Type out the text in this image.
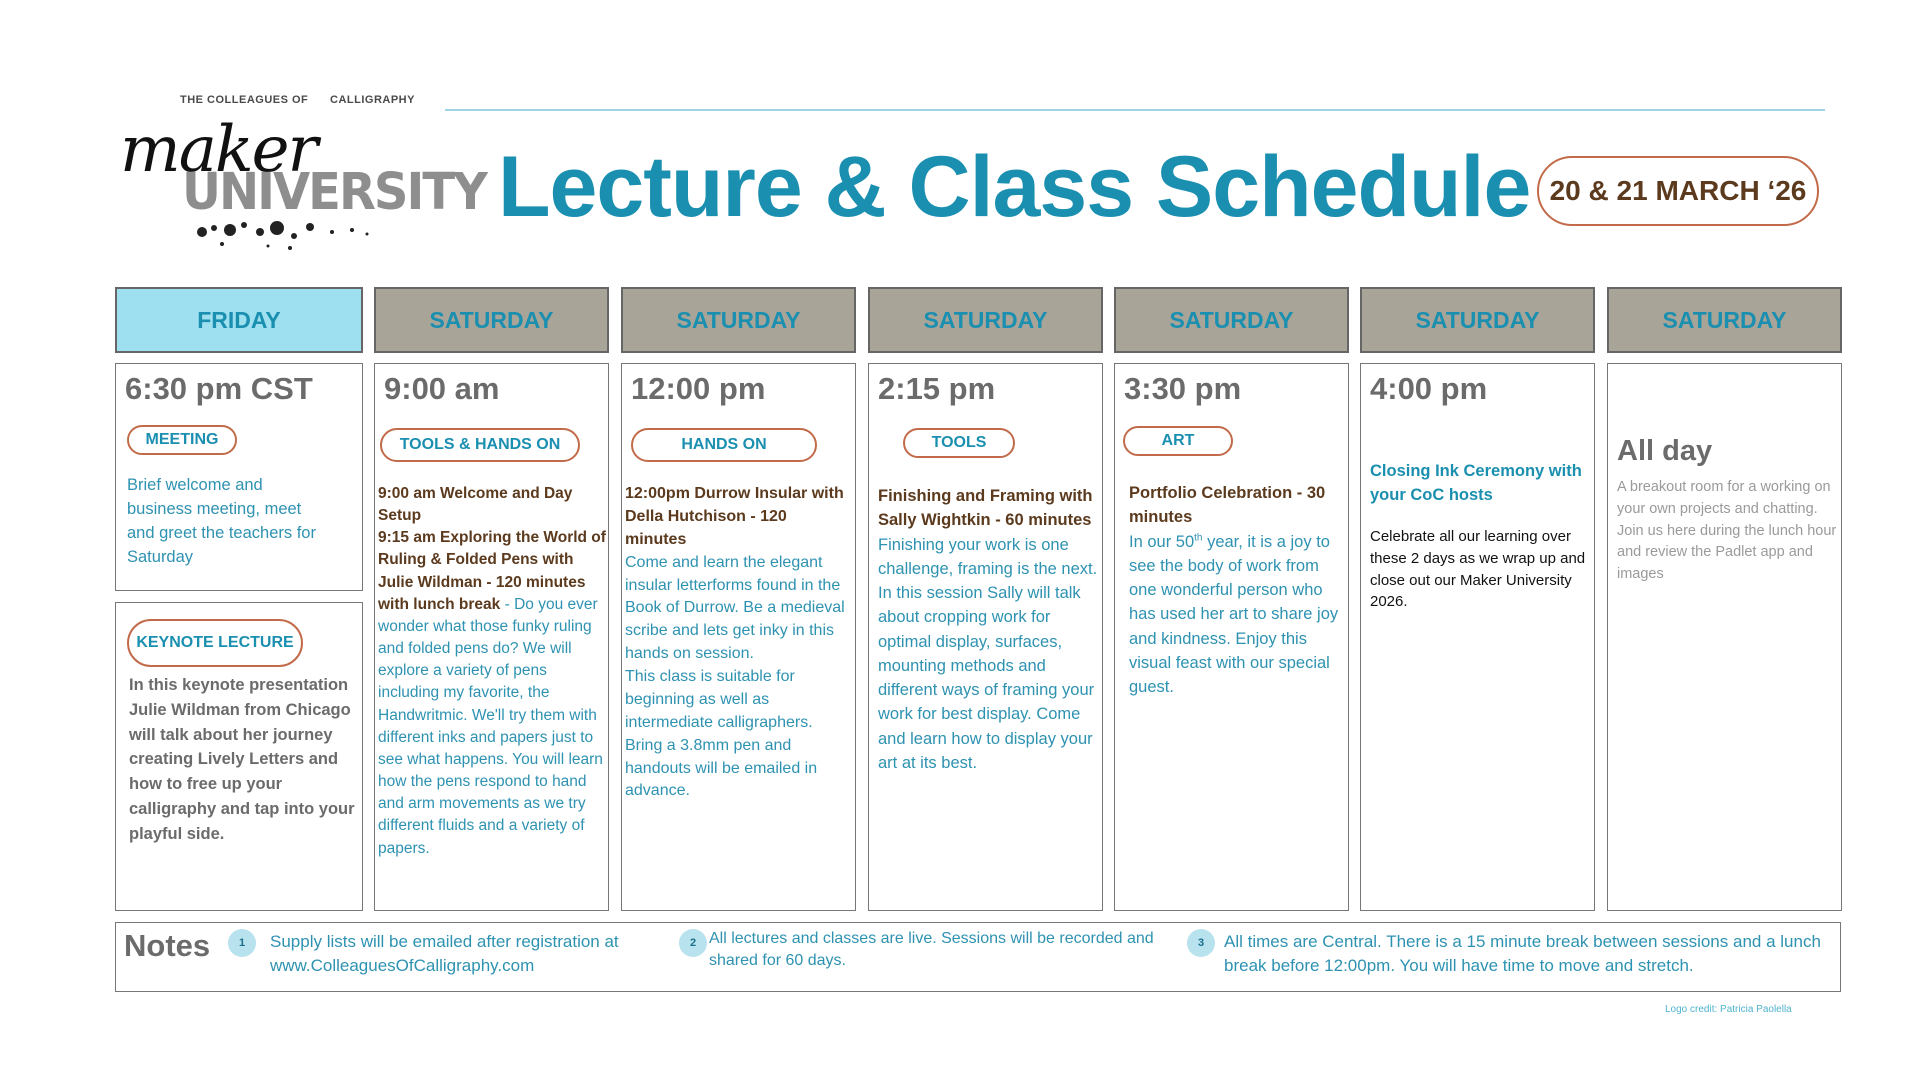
THE COLLEAGUES OF CALLIGRAPHY
maker
UNIVERSITY Lecture & Class Schedule 20 & 21 MARCH ‘26
FRIDAY	SATURDAY	SATURDAY	SATURDAY	SATURDAY	SATURDAY	SATURDAY
6:30 pm CST
MEETING
Brief welcome and business meeting, meet and greet the teachers for Saturday
KEYNOTE LECTURE
In this keynote presentation Julie Wildman from Chicago will talk about her journey creating Lively Letters and how to free up your calligraphy and tap into your playful side.
9:00 am
TOOLS & HANDS ON
9:00 am Welcome and Day Setup
9:15 am Exploring the World of Ruling & Folded Pens with Julie Wildman - 120 minutes with lunch break - Do you ever wonder what those funky ruling and folded pens do? We will explore a variety of pens including my favorite, the Handwritmic. We'll try them with different inks and papers just to see what happens. You will learn how the pens respond to hand and arm movements as we try different fluids and a variety of papers.
12:00 pm
HANDS ON
12:00pm Durrow Insular with Della Hutchison - 120 minutes
Come and learn the elegant insular letterforms found in the Book of Durrow. Be a medieval scribe and lets get inky in this hands on session.
This class is suitable for beginning as well as intermediate calligraphers. Bring a 3.8mm pen and handouts will be emailed in advance.
2:15 pm
TOOLS
Finishing and Framing with Sally Wightkin - 60 minutes
Finishing your work is one challenge, framing is the next. In this session Sally will talk about cropping work for optimal display, surfaces, mounting methods and different ways of framing your work for best display. Come and learn how to display your art at its best.
3:30 pm
ART
Portfolio Celebration - 30 minutes
In our 50th year, it is a joy to see the body of work from one wonderful person who has used her art to share joy and kindness. Enjoy this visual feast with our special guest.
4:00 pm
Closing Ink Ceremony with your CoC hosts
Celebrate all our learning over these 2 days as we wrap up and close out our Maker University 2026.
All day
A breakout room for a working on your own projects and chatting. Join us here during the lunch hour and review the Padlet app and images
Notes	1	Supply lists will be emailed after registration at www.ColleaguesOfCalligraphy.com
2 All lectures and classes are live. Sessions will be recorded and shared for 60 days.
3	All times are Central. There is a 15 minute break between sessions and a lunch break before 12:00pm. You will have time to move and stretch.
Logo credit: Patricia Paolella
